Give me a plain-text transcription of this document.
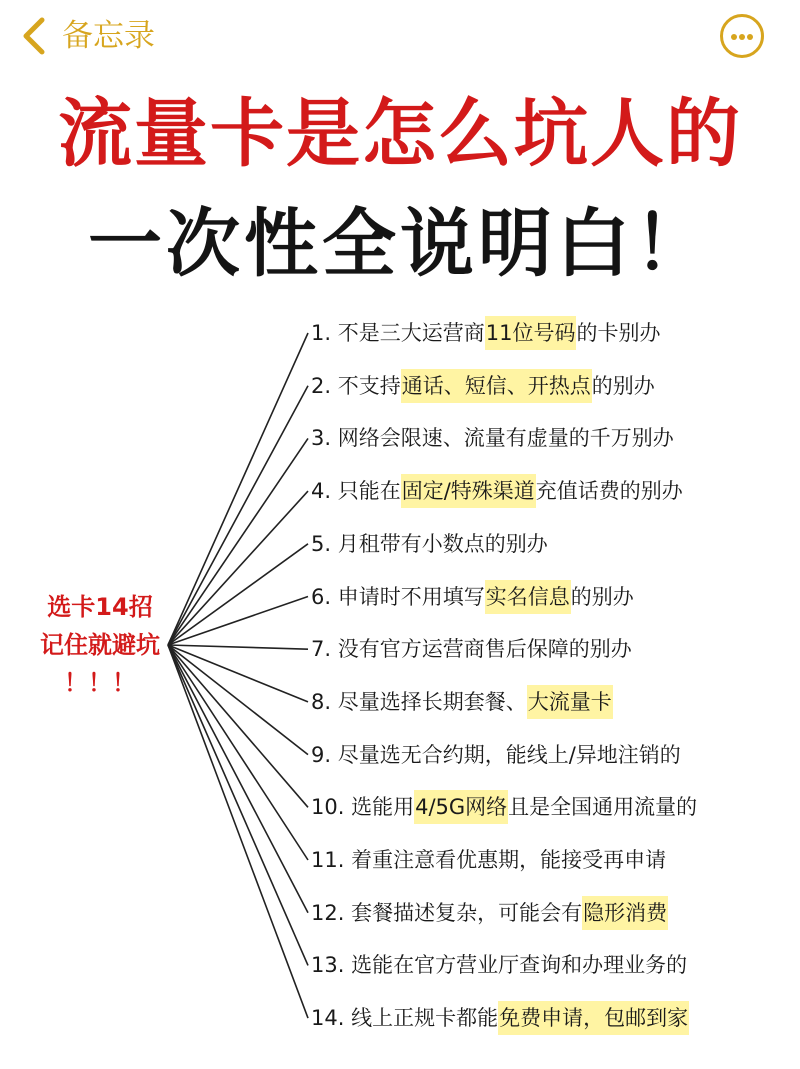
备忘录
流量卡是怎么坑人的
一次性全说明白！
选卡14招
记住就避坑
！！！
1. 不是三大运营商11位号码的卡别办
2. 不支持通话、短信、开热点的别办
3. 网络会限速、流量有虚量的千万别办
4. 只能在固定/特殊渠道充值话费的别办
5. 月租带有小数点的别办
6. 申请时不用填写实名信息的别办
7. 没有官方运营商售后保障的别办
8. 尽量选择长期套餐、大流量卡
9. 尽量选无合约期，能线上/异地注销的
10. 选能用4/5G网络且是全国通用流量的
11. 着重注意看优惠期，能接受再申请
12. 套餐描述复杂，可能会有隐形消费
13. 选能在官方营业厅查询和办理业务的
14. 线上正规卡都能免费申请，包邮到家
